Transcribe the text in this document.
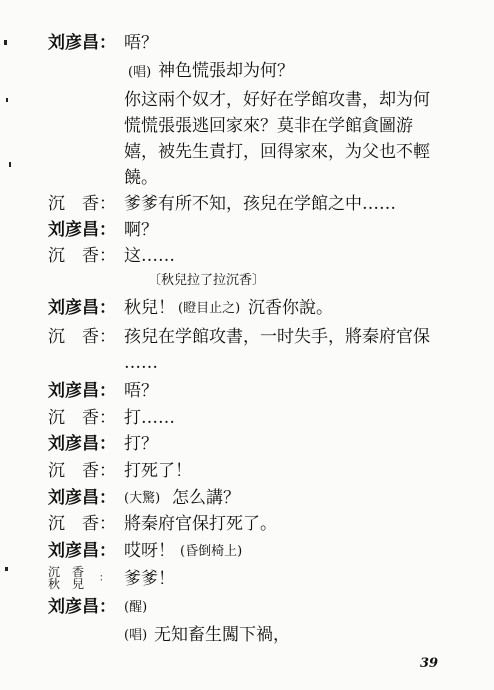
刘彦昌： 唔？
(唱) 神色慌張却为何？
你这兩个奴才，好好在学館攻書，却为何
慌慌張張逃回家來？莫非在学館貪圖游
嬉，被先生責打，回得家來，为父也不輕
饒。
沉　香： 爹爹有所不知，孩兒在学館之中……
刘彦昌： 啊？
沉　香： 这……
〔秋兒拉了拉沉香〕
刘彦昌： 秋兒！ (瞪目止之) 沉香你說。
沉　香： 孩兒在学館攻書，一时失手，將秦府官保
……
刘彦昌： 唔？
沉　香： 打……
刘彦昌： 打？
沉　香： 打死了！
刘彦昌： (大驚) 怎么講？
沉　香： 將秦府官保打死了。
刘彦昌： 哎呀！ (昏倒椅上)
沉　香
秋　兒	： 爹爹！
刘彦昌： (醒)
(唱) 无知畜生闖下禍，
39
